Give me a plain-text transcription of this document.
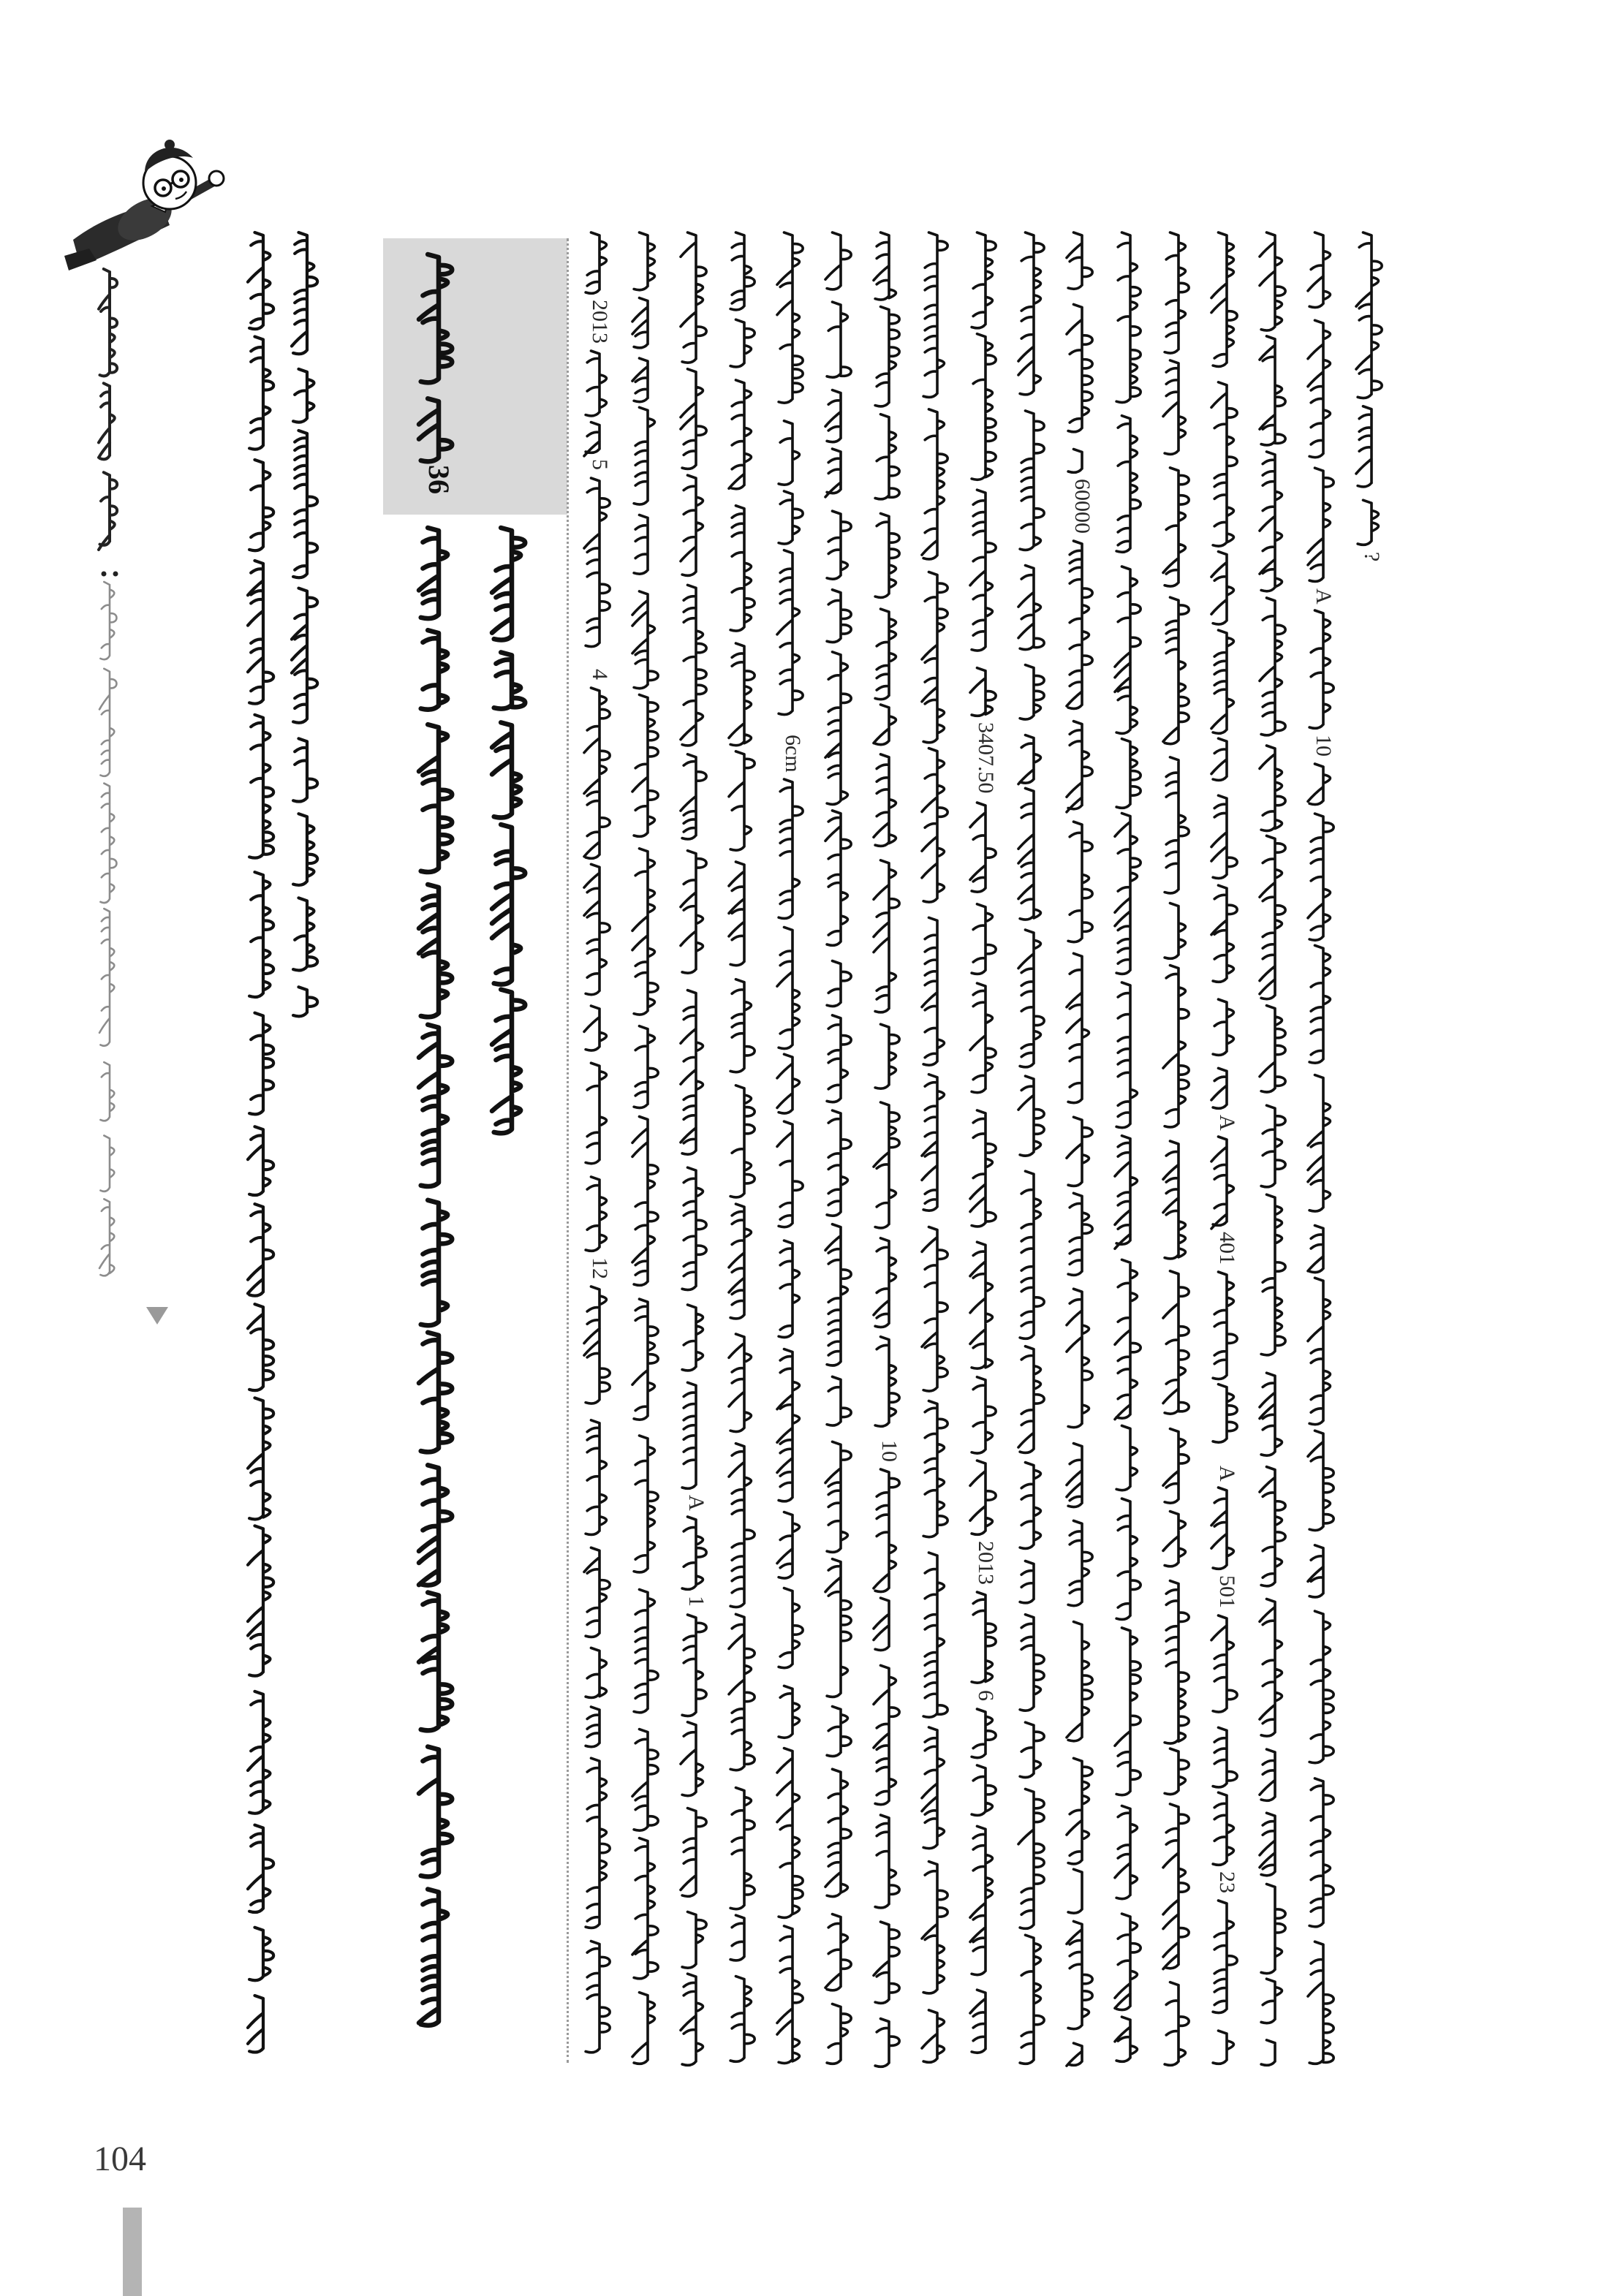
36
2013
5
4
12
A
1
6cm
10
3407.50
2013
6
60000
A
401
A
501
23
A
10
?
104
